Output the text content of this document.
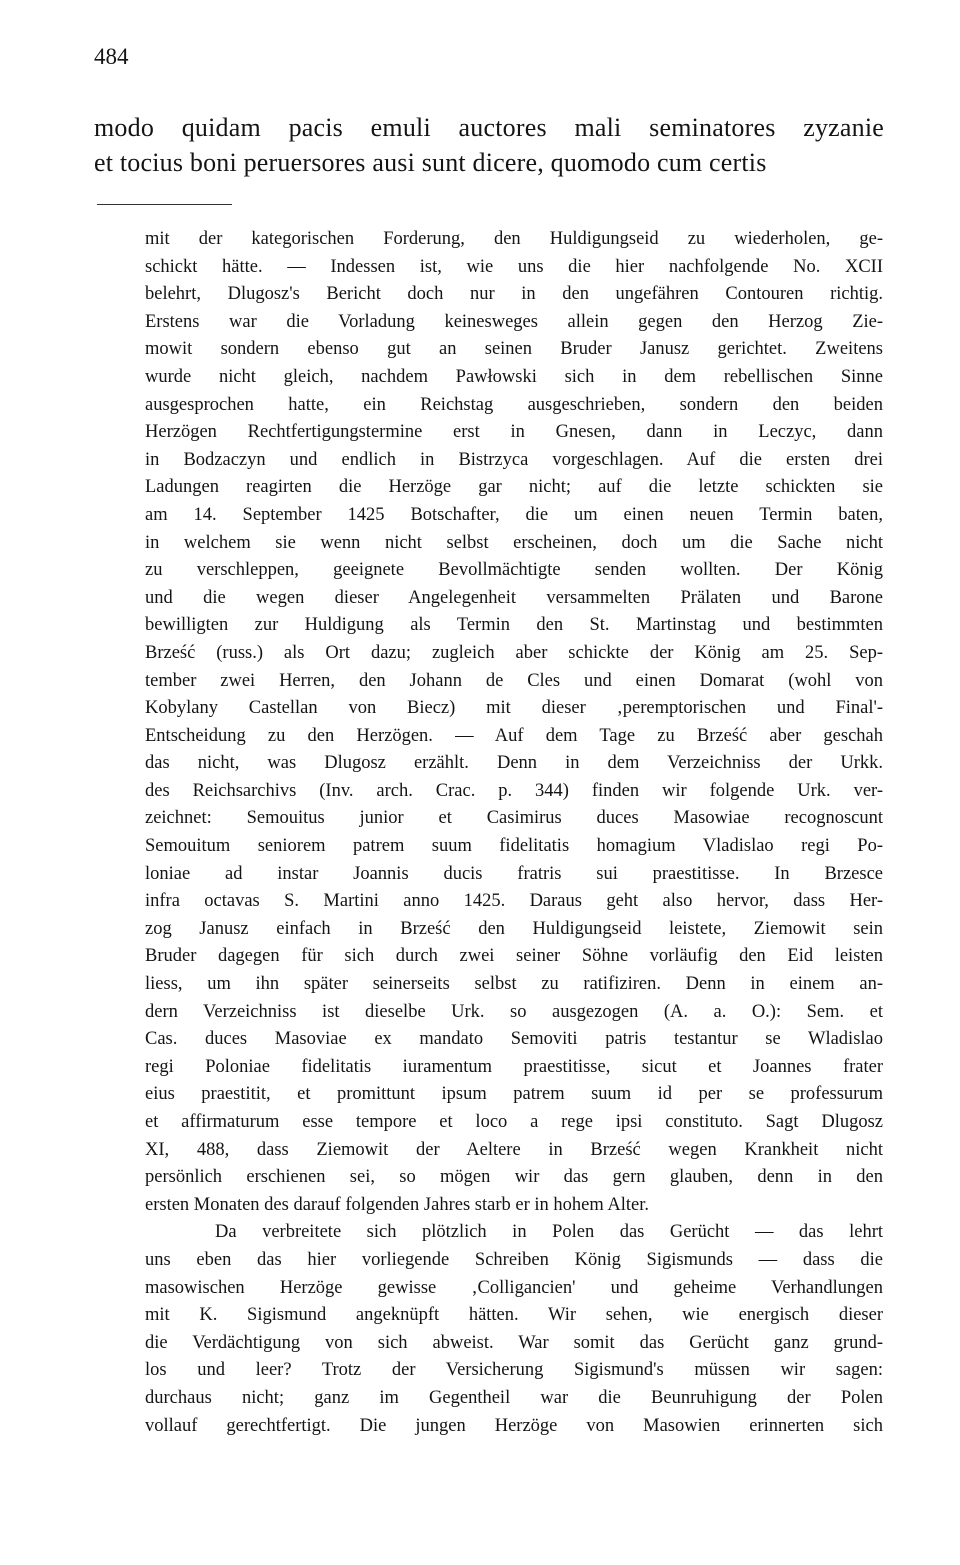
484
modo quidam pacis emuli auctores mali seminatores zyzanie
et tocius boni peruersores ausi sunt dicere, quomodo cum certis
mit der kategorischen Forderung, den Huldigungseid zu wiederholen, ge-
schickt hätte. — Indessen ist, wie uns die hier nachfolgende No. XCII
belehrt, Dlugosz's Bericht doch nur in den ungefähren Contouren richtig.
Erstens war die Vorladung keinesweges allein gegen den Herzog Zie-
mowit sondern ebenso gut an seinen Bruder Janusz gerichtet. Zweitens
wurde nicht gleich, nachdem Pawłowski sich in dem rebellischen Sinne
ausgesprochen hatte, ein Reichstag ausgeschrieben, sondern den beiden
Herzögen Rechtfertigungstermine erst in Gnesen, dann in Leczyc, dann
in Bodzaczyn und endlich in Bistrzyca vorgeschlagen. Auf die ersten drei
Ladungen reagirten die Herzöge gar nicht; auf die letzte schickten sie
am 14. September 1425 Botschafter, die um einen neuen Termin baten,
in welchem sie wenn nicht selbst erscheinen, doch um die Sache nicht
zu verschleppen, geeignete Bevollmächtigte senden wollten. Der König
und die wegen dieser Angelegenheit versammelten Prälaten und Barone
bewilligten zur Huldigung als Termin den St. Martinstag und bestimmten
Brześć (russ.) als Ort dazu; zugleich aber schickte der König am 25. Sep-
tember zwei Herren, den Johann de Cles und einen Domarat (wohl von
Kobylany Castellan von Biecz) mit dieser ‚peremptorischen und Final'-
Entscheidung zu den Herzögen. — Auf dem Tage zu Brześć aber geschah
das nicht, was Dlugosz erzählt. Denn in dem Verzeichniss der Urkk.
des Reichsarchivs (Inv. arch. Crac. p. 344) finden wir folgende Urk. ver-
zeichnet: Semouitus junior et Casimirus duces Masowiae recognoscunt
Semouitum seniorem patrem suum fidelitatis homagium Vladislao regi Po-
loniae ad instar Joannis ducis fratris sui praestitisse. In Brzesce
infra octavas S. Martini anno 1425. Daraus geht also hervor, dass Her-
zog Janusz einfach in Brześć den Huldigungseid leistete, Ziemowit sein
Bruder dagegen für sich durch zwei seiner Söhne vorläufig den Eid leisten
liess, um ihn später seinerseits selbst zu ratifiziren. Denn in einem an-
dern Verzeichniss ist dieselbe Urk. so ausgezogen (A. a. O.): Sem. et
Cas. duces Masoviae ex mandato Semoviti patris testantur se Wladislao
regi Poloniae fidelitatis iuramentum praestitisse, sicut et Joannes frater
eius praestitit, et promittunt ipsum patrem suum id per se professurum
et affirmaturum esse tempore et loco a rege ipsi constituto. Sagt Dlugosz
XI, 488, dass Ziemowit der Aeltere in Brześć wegen Krankheit nicht
persönlich erschienen sei, so mögen wir das gern glauben, denn in den
ersten Monaten des darauf folgenden Jahres starb er in hohem Alter.
Da verbreitete sich plötzlich in Polen das Gerücht — das lehrt
uns eben das hier vorliegende Schreiben König Sigismunds — dass die
masowischen Herzöge gewisse ‚Colligancien' und geheime Verhandlungen
mit K. Sigismund angeknüpft hätten. Wir sehen, wie energisch dieser
die Verdächtigung von sich abweist. War somit das Gerücht ganz grund-
los und leer? Trotz der Versicherung Sigismund's müssen wir sagen:
durchaus nicht; ganz im Gegentheil war die Beunruhigung der Polen
vollauf gerechtfertigt. Die jungen Herzöge von Masowien erinnerten sich
